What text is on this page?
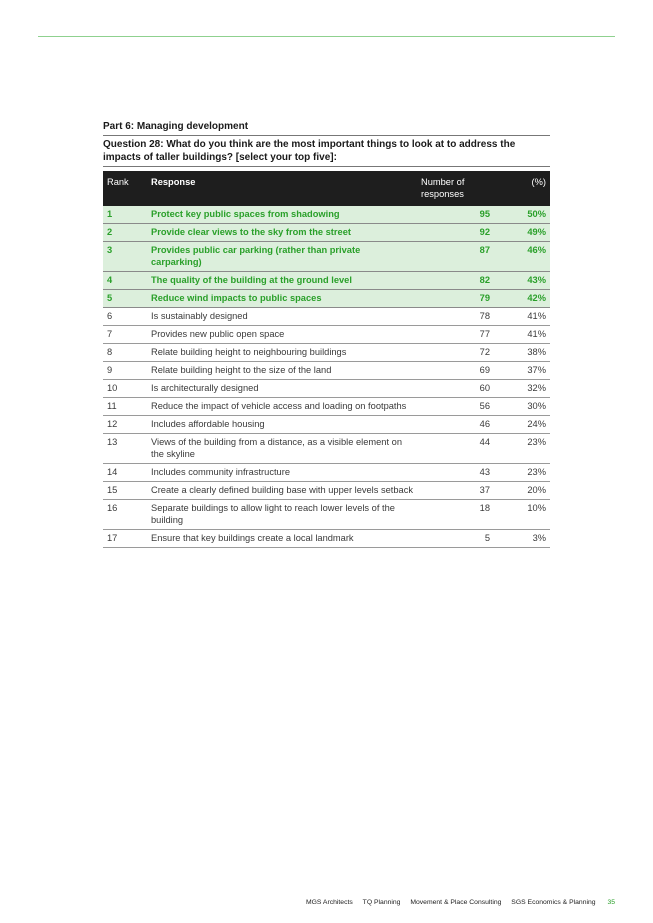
Part 6: Managing development
Question 28: What do you think are the most important things to look at to address the impacts of taller buildings? [select your top five]:
Rank	Response	Number of responses	(%)
1	Protect key public spaces from shadowing	95	50%
2	Provide clear views to the sky from the street	92	49%
3	Provides public car parking (rather than private carparking)	87	46%
4	The quality of the building at the ground level	82	43%
5	Reduce wind impacts to public spaces	79	42%
6	Is sustainably designed	78	41%
7	Provides new public open space	77	41%
8	Relate building height to neighbouring buildings	72	38%
9	Relate building height to the size of the land	69	37%
10	Is architecturally designed	60	32%
11	Reduce the impact of vehicle access and loading on footpaths	56	30%
12	Includes affordable housing	46	24%
13	Views of the building from a distance, as a visible element on the skyline	44	23%
14	Includes community infrastructure	43	23%
15	Create a clearly defined building base with upper levels setback	37	20%
16	Separate buildings to allow light to reach lower levels of the building	18	10%
17	Ensure that key buildings create a local landmark	5	3%
MGS Architects TQ Planning Movement & Place Consulting SGS Economics & Planning 35
